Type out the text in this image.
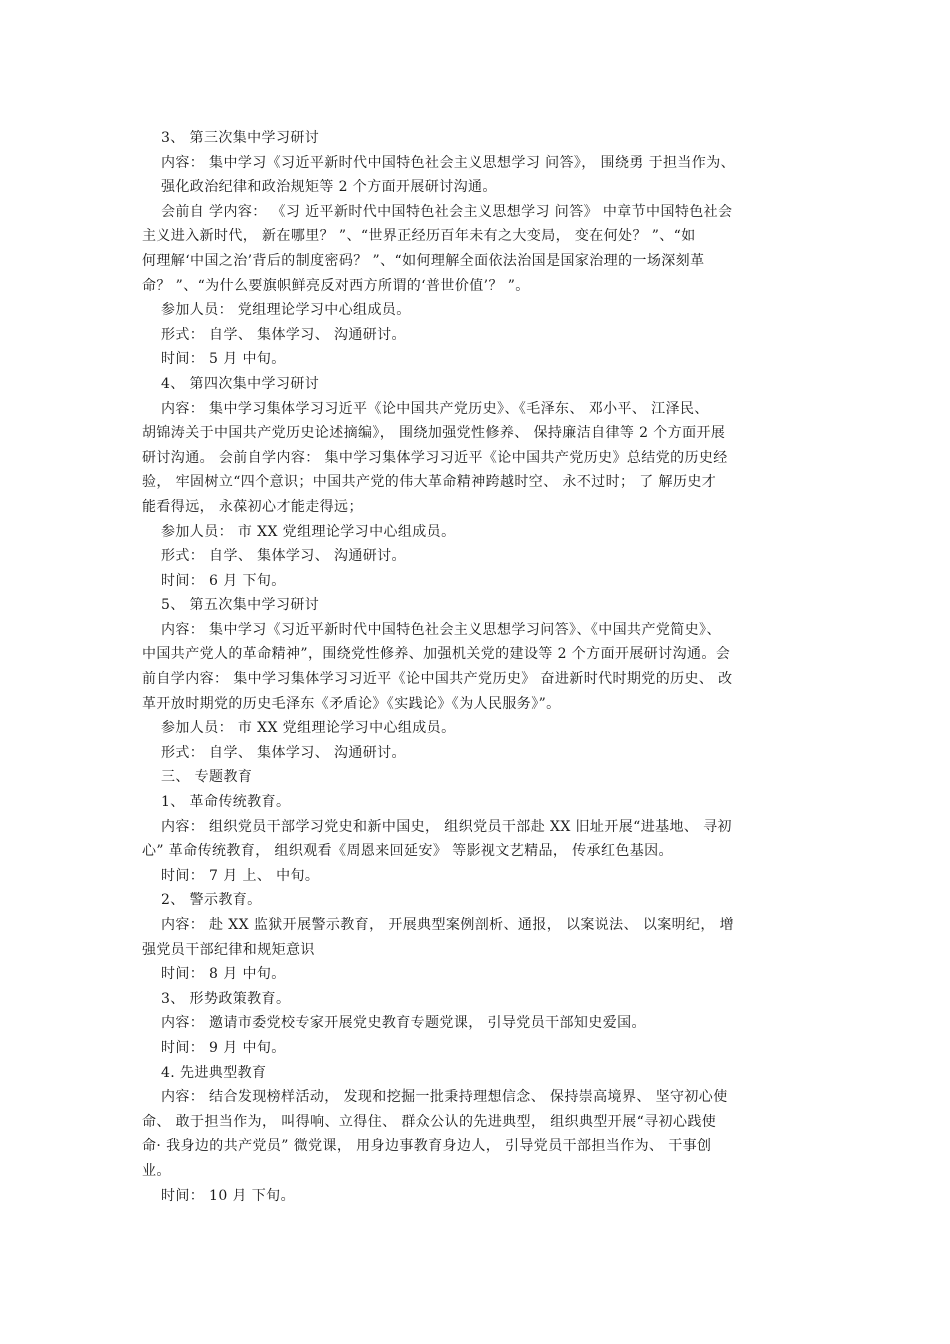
3、 第三次集中学习研讨
内容： 集中学习《习近平新时代中国特色社会主义思想学习 问答》， 围绕勇 于担当作为、
强化政治纪律和政治规矩等 2 个方面开展研讨沟通。
会前自 学内容： 《习 近平新时代中国特色社会主义思想学习 问答》 中章节中国特色社会
主义进入新时代， 新在哪里？ ”、“世界正经历百年未有之大变局， 变在何处？ ”、“如
何理解‘中国之治’背后的制度密码？ ”、“如何理解全面依法治国是国家治理的一场深刻革
命？ ”、“为什么要旗帜鲜亮反对西方所谓的‘普世价值’？ ”。
参加人员： 党组理论学习中心组成员。
形式： 自学、 集体学习、 沟通研讨。
时间： 5 月 中旬。
4、 第四次集中学习研讨
内容： 集中学习集体学习习近平《论中国共产党历史》、《毛泽东、 邓小平、 江泽民、
胡锦涛关于中国共产党历史论述摘编》， 围绕加强党性修养、 保持廉洁自律等 2 个方面开展
研讨沟通。 会前自学内容： 集中学习集体学习习近平《论中国共产党历史》总结党的历史经
验， 牢固树立“四个意识；中国共产党的伟大革命精神跨越时空、 永不过时； 了 解历史才
能看得远， 永葆初心才能走得远；
参加人员： 市 XX 党组理论学习中心组成员。
形式： 自学、 集体学习、 沟通研讨。
时间： 6 月 下旬。
5、 第五次集中学习研讨
内容： 集中学习《习近平新时代中国特色社会主义思想学习问答》、《中国共产党简史》、
中国共产党人的革命精神”，围绕党性修养、加强机关党的建设等 2 个方面开展研讨沟通。会
前自学内容： 集中学习集体学习习近平《论中国共产党历史》 奋进新时代时期党的历史、 改
革开放时期党的历史毛泽东《矛盾论》《实践论》《为人民服务》”。
参加人员： 市 XX 党组理论学习中心组成员。
形式： 自学、 集体学习、 沟通研讨。
三、 专题教育
1、 革命传统教育。
内容： 组织党员干部学习党史和新中国史， 组织党员干部赴 XX 旧址开展“进基地、 寻初
心” 革命传统教育， 组织观看《周恩来回延安》 等影视文艺精品， 传承红色基因。
时间： 7 月 上、 中旬。
2、 警示教育。
内容： 赴 XX 监狱开展警示教育， 开展典型案例剖析、通报， 以案说法、 以案明纪， 增
强党员干部纪律和规矩意识
时间： 8 月 中旬。
3、 形势政策教育。
内容： 邀请市委党校专家开展党史教育专题党课， 引导党员干部知史爱国。
时间： 9 月 中旬。
4. 先进典型教育
内容： 结合发现榜样活动， 发现和挖掘一批秉持理想信念、 保持崇高境界、 坚守初心使
命、 敢于担当作为， 叫得响、立得住、 群众公认的先进典型， 组织典型开展“寻初心践使
命· 我身边的共产党员” 微党课， 用身边事教育身边人， 引导党员干部担当作为、 干事创
业。
时间： 10 月 下旬。
